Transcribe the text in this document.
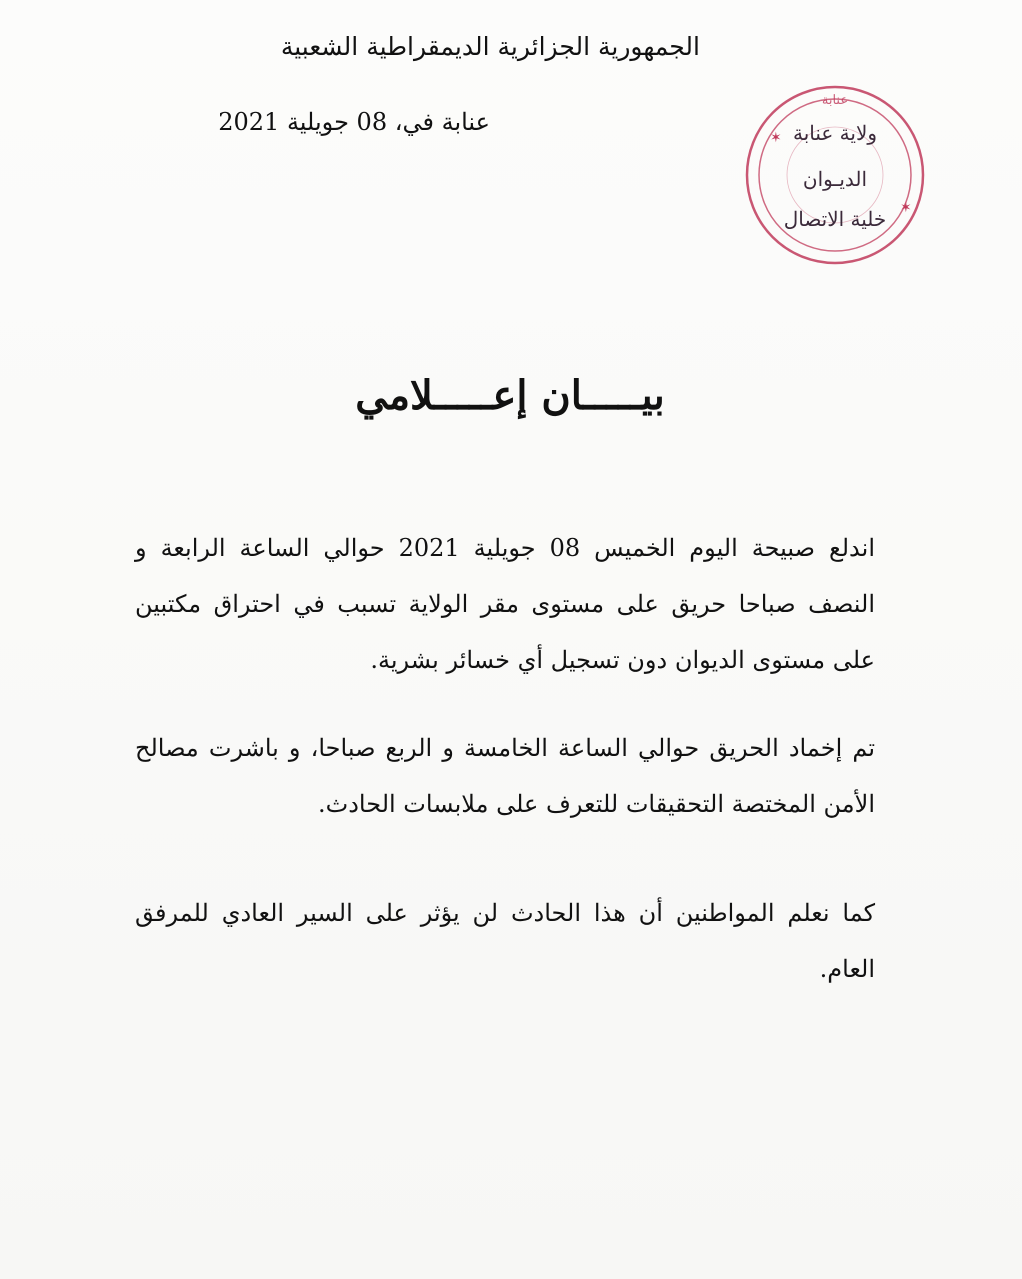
الجمهورية الجزائرية الديمقراطية الشعبية
عنابة في، 08 جويلية 2021
✶
✶
عنابة
ولاية عنابة
الديـوان
خلية الاتصال
بيـــــان إعـــــلامي

اندلع صبيحة اليوم الخميس 08 جويلية 2021 حوالي الساعة الرابعة و النصف صباحا حريق على مستوى مقر الولاية تسبب في احتراق مكتبين على مستوى الديوان دون تسجيل أي خسائر بشرية.

تم إخماد الحريق حوالي الساعة الخامسة و الربع صباحا، و باشرت مصالح الأمن المختصة التحقيقات للتعرف على ملابسات الحادث.

كما نعلم المواطنين أن هذا الحادث لن يؤثر على السير العادي للمرفق العام.
